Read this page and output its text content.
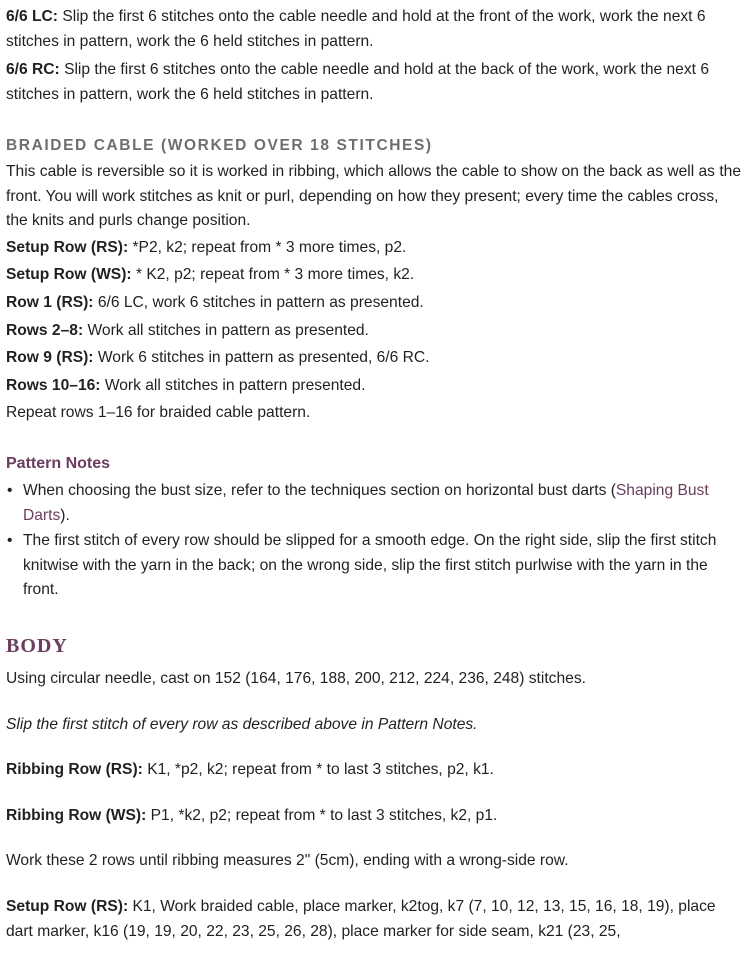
6/6 LC: Slip the first 6 stitches onto the cable needle and hold at the front of the work, work the next 6 stitches in pattern, work the 6 held stitches in pattern.

6/6 RC: Slip the first 6 stitches onto the cable needle and hold at the back of the work, work the next 6 stitches in pattern, work the 6 held stitches in pattern.

BRAIDED CABLE (WORKED OVER 18 STITCHES)

This cable is reversible so it is worked in ribbing, which allows the cable to show on the back as well as the front. You will work stitches as knit or purl, depending on how they present; every time the cables cross, the knits and purls change position.

Setup Row (RS): *P2, k2; repeat from * 3 more times, p2.

Setup Row (WS): * K2, p2; repeat from * 3 more times, k2.

Row 1 (RS): 6/6 LC, work 6 stitches in pattern as presented.

Rows 2–8: Work all stitches in pattern as presented.

Row 9 (RS): Work 6 stitches in pattern as presented, 6/6 RC.

Rows 10–16: Work all stitches in pattern presented.

Repeat rows 1–16 for braided cable pattern.

Pattern Notes

• When choosing the bust size, refer to the techniques section on horizontal bust darts (Shaping Bust Darts).

• The first stitch of every row should be slipped for a smooth edge. On the right side, slip the first stitch knitwise with the yarn in the back; on the wrong side, slip the first stitch purlwise with the yarn in the front.

BODY

Using circular needle, cast on 152 (164, 176, 188, 200, 212, 224, 236, 248) stitches.

Slip the first stitch of every row as described above in Pattern Notes.

Ribbing Row (RS): K1, *p2, k2; repeat from * to last 3 stitches, p2, k1.

Ribbing Row (WS): P1, *k2, p2; repeat from * to last 3 stitches, k2, p1.

Work these 2 rows until ribbing measures 2" (5cm), ending with a wrong-side row.

Setup Row (RS): K1, Work braided cable, place marker, k2tog, k7 (7, 10, 12, 13, 15, 16, 18, 19), place dart marker, k16 (19, 19, 20, 22, 23, 25, 26, 28), place marker for side seam, k21 (23, 25,
